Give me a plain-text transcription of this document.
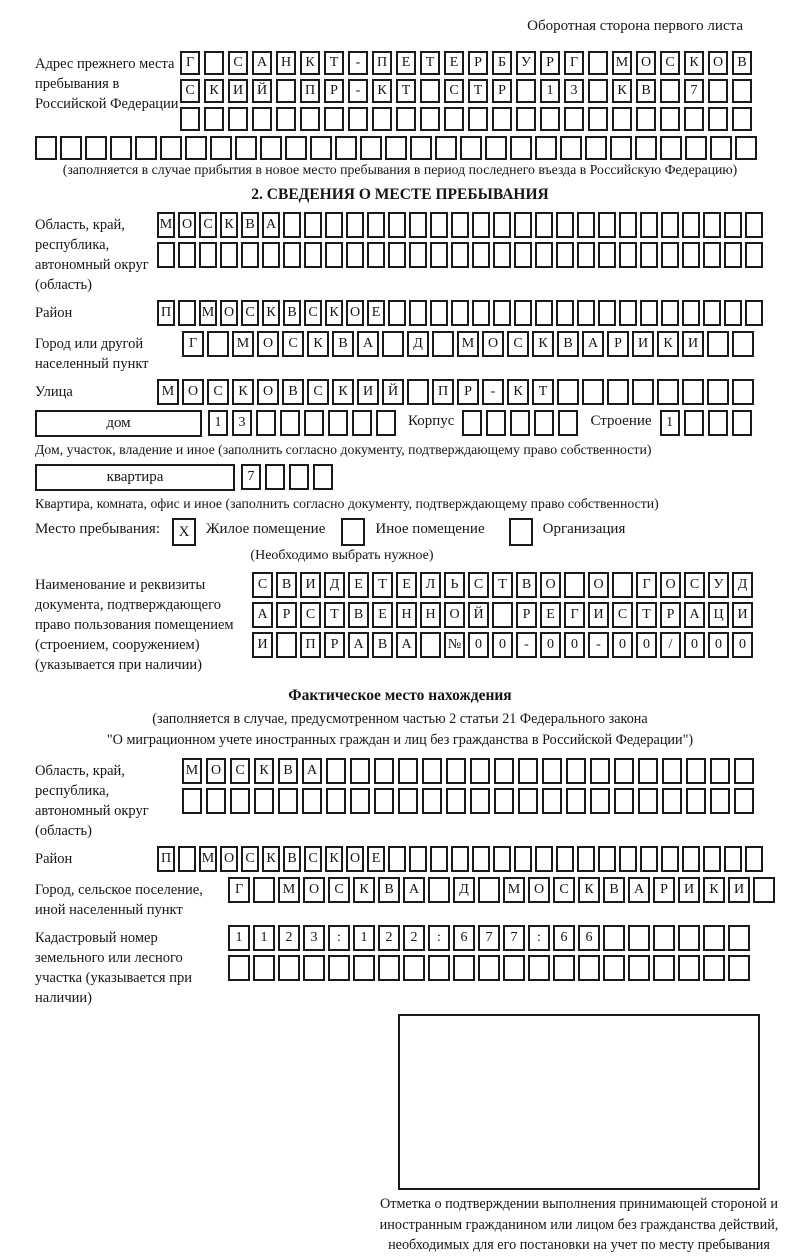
Оборотная сторона первого листа
Адрес прежнего места пребывания в Российской Федерации
Г	С	А Н	К	Т	-	П	Е	Т	Е	Р	Б	У	Р	Г	М О	С	К	О	В
С	К	И Й	П	Р	-	К	Т	С	Т	Р	1	3	К	В	7
(заполняется в случае прибытия в новое место пребывания в период последнего въезда в Российскую Федерацию)
2. СВЕДЕНИЯ О МЕСТЕ ПРЕБЫВАНИЯ
Область, край, республика, автономный округ (область)
М О С К В А
Район	П М О С К В С К О Е
Город или другой населенный пункт
Г	М О	С	К	В	А	Д	М О	С	К	В	А	Р	И	К	И
Улица	М О	С	К	О	В	С	К	И	Й	П	Р	-	К	Т
дом	1	3	Корпус	Строение	1
Дом, участок, владение и иное (заполнить согласно документу, подтверждающему право собственности)
квартира	7
Квартира, комната, офис и иное (заполнить согласно документу, подтверждающему право собственности)
Место пребывания:	X	Жилое помещение	Иное помещение	Организация
(Необходимо выбрать нужное)
Наименование и реквизиты документа, подтверждающего право пользования помещением (строением, сооружением) (указывается при наличии)
С	В	И	Д	Е	Т	Е	Л	Ь	С	Т	В	О	О	Г	О	С	У	Д
А	Р	С	Т	В	Е	Н Н О Й	Р	Е	Г	И	С	Т	Р	А Ц И
И	П	Р	А	В	А	№ 0	0	-	0	0	-	0	0	/	0	0	0
Фактическое место нахождения
(заполняется в случае, предусмотренном частью 2 статьи 21 Федерального закона
"О миграционном учете иностранных граждан и лиц без гражданства в Российской Федерации")
Область, край, республика, автономный округ (область)
М О	С	К	В	А
Район	П М О С К В С К О Е
Город, сельское поселение, иной населенный пункт
Г	М О	С	К	В	А	Д	М О	С	К	В	А	Р	И	К	И
Кадастровый номер земельного или лесного участка (указывается при наличии)
1	1	2	3	:	1	2	2	:	6	7	7	:	6	6
Отметка о подтверждении выполнения принимающей стороной и иностранным гражданином или лицом без гражданства действий, необходимых для его постановки на учет по месту пребывания
